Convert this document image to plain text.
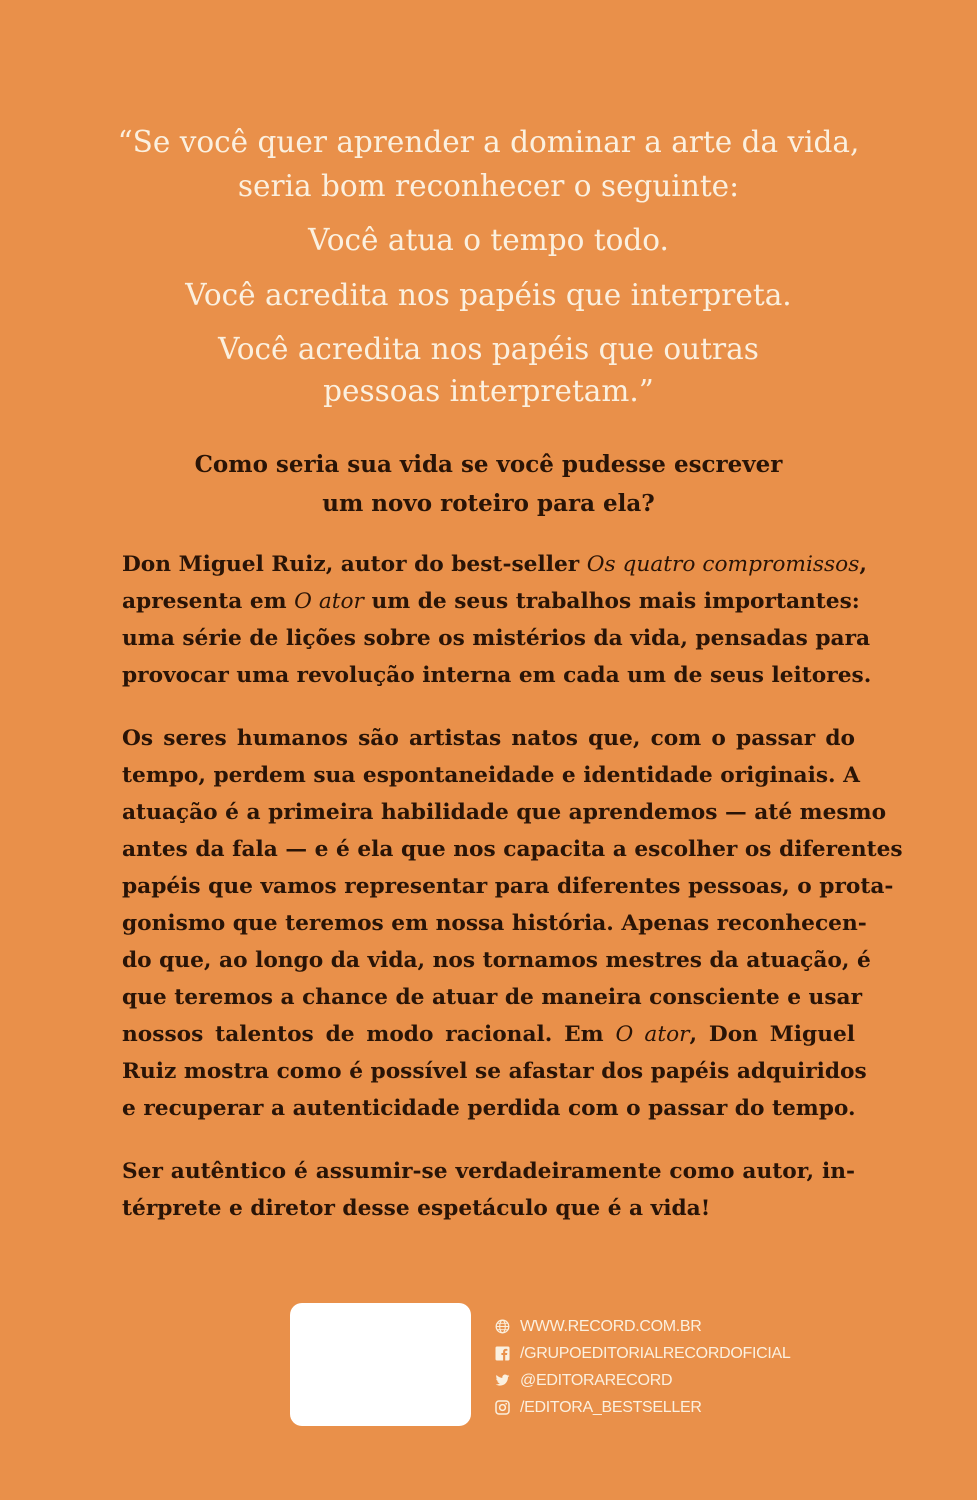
“Se você quer aprender a dominar a arte da vida,

seria bom reconhecer o seguinte:

Você atua o tempo todo.

Você acredita nos papéis que interpreta.

Você acredita nos papéis que outras

pessoas interpretam.”

Como seria sua vida se você pudesse escrever

um novo roteiro para ela?

Don Miguel Ruiz, autor do best-seller Os quatro compromissos,

apresenta em O ator um de seus trabalhos mais importantes:

uma série de lições sobre os mistérios da vida, pensadas para

provocar uma revolução interna em cada um de seus leitores.

Os seres humanos são artistas natos que, com o passar do

tempo, perdem sua espontaneidade e identidade originais. A

atuação é a primeira habilidade que aprendemos — até mesmo

antes da fala — e é ela que nos capacita a escolher os diferentes

papéis que vamos representar para diferentes pessoas, o prota-

gonismo que teremos em nossa história. Apenas reconhecen-

do que, ao longo da vida, nos tornamos mestres da atuação, é

que teremos a chance de atuar de maneira consciente e usar

nossos talentos de modo racional. Em O ator, Don Miguel

Ruiz mostra como é possível se afastar dos papéis adquiridos

e recuperar a autenticidade perdida com o passar do tempo.

Ser autêntico é assumir-se verdadeiramente como autor, in-

térprete e diretor desse espetáculo que é a vida!

WWW.RECORD.COM.BR
/GRUPOEDITORIALRECORDOFICIAL
@EDITORARECORD
/EDITORA_BESTSELLER
